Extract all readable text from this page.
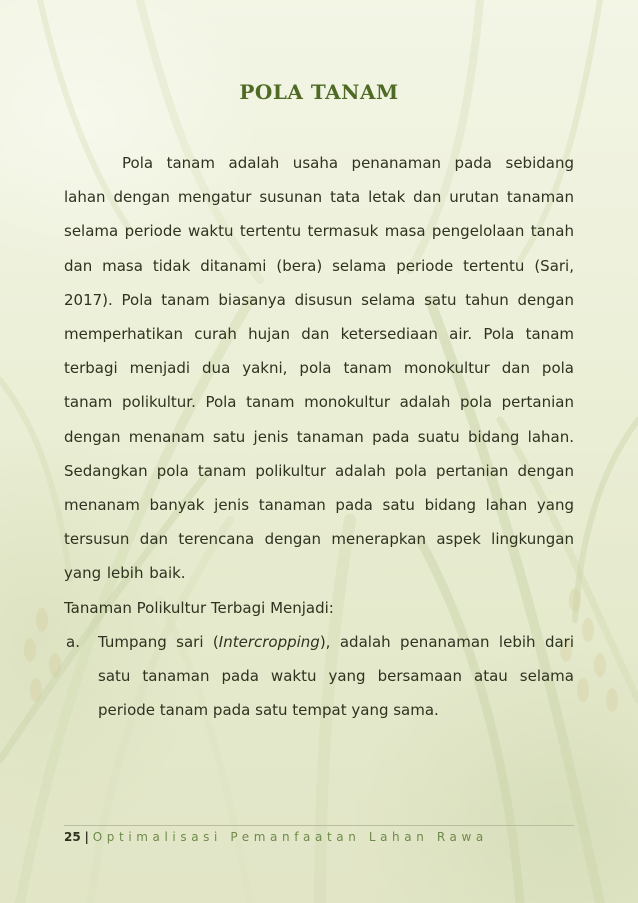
POLA TANAM

Pola tanam adalah usaha penanaman pada sebidang lahan dengan mengatur susunan tata letak dan urutan tanaman selama periode waktu tertentu termasuk masa pengelolaan tanah dan masa tidak ditanami (bera) selama periode tertentu (Sari, 2017). Pola tanam biasanya disusun selama satu tahun dengan memperhatikan curah hujan dan ketersediaan air. Pola tanam terbagi menjadi dua yakni, pola tanam monokultur dan pola tanam polikultur. Pola tanam monokultur adalah pola pertanian dengan menanam satu jenis tanaman pada suatu bidang lahan. Sedangkan pola tanam polikultur adalah pola pertanian dengan menanam banyak jenis tanaman pada satu bidang lahan yang tersusun dan terencana dengan menerapkan aspek lingkungan yang lebih baik.

Tanaman Polikultur Terbagi Menjadi:

a. Tumpang sari (Intercropping), adalah penanaman lebih dari satu tanaman pada waktu yang bersamaan atau selama periode tanam pada satu tempat yang sama.

25 | Optimalisasi Pemanfaatan Lahan Rawa
